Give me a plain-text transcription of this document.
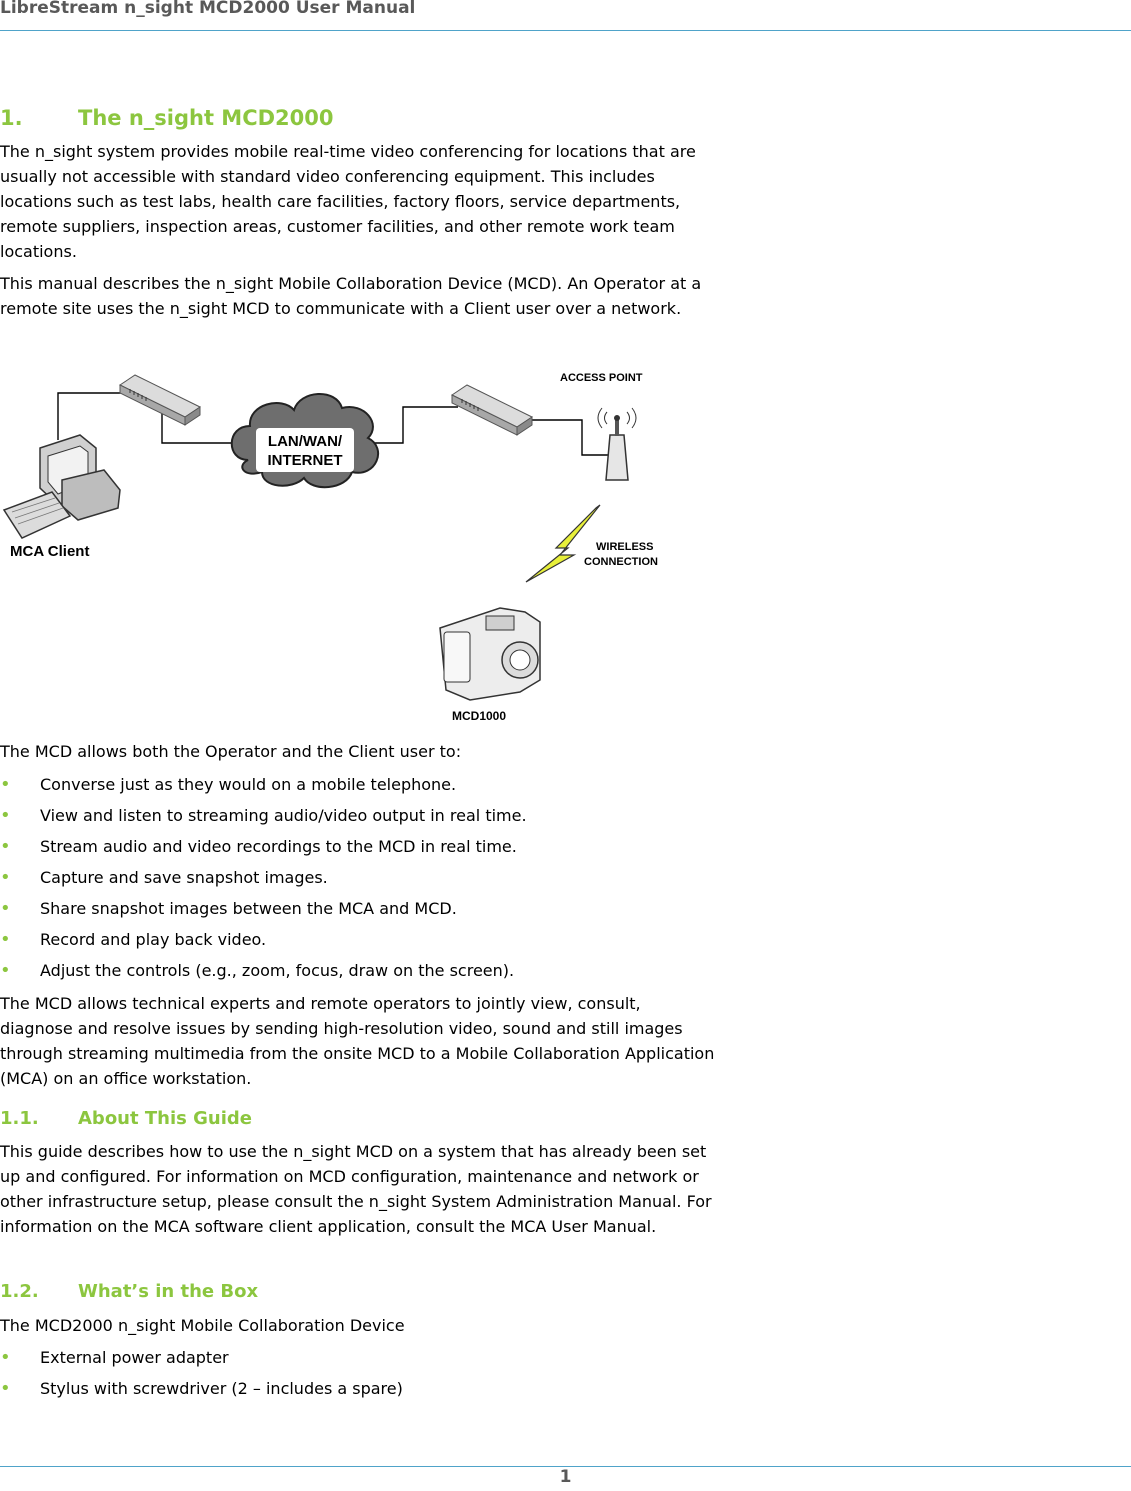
LibreStream n_sight MCD2000 User Manual
1.	The n_sight MCD2000

The n_sight system provides mobile real-time video conferencing for locations that are usually not accessible with standard video conferencing equipment. This includes locations such as test labs, health care facilities, factory floors, service departments, remote suppliers, inspection areas, customer facilities, and other remote work team locations.

This manual describes the n_sight Mobile Collaboration Device (MCD). An Operator at a remote site uses the n_sight MCD to communicate with a Client user over a network.

LAN/WAN/
INTERNET
ACCESS POINT
WIRELESS
CONNECTION
MCA Client
MCD1000

The MCD allows both the Operator and the Client user to:

• Converse just as they would on a mobile telephone.
• View and listen to streaming audio/video output in real time.
• Stream audio and video recordings to the MCD in real time.
• Capture and save snapshot images.
• Share snapshot images between the MCA and MCD.
• Record and play back video.
• Adjust the controls (e.g., zoom, focus, draw on the screen).

The MCD allows technical experts and remote operators to jointly view, consult, diagnose and resolve issues by sending high-resolution video, sound and still images through streaming multimedia from the onsite MCD to a Mobile Collaboration Application (MCA) on an office workstation.

1.1. About This Guide

This guide describes how to use the n_sight MCD on a system that has already been set up and configured. For information on MCD configuration, maintenance and network or other infrastructure setup, please consult the n_sight System Administration Manual. For information on the MCA software client application, consult the MCA User Manual.

1.2. What’s in the Box

The MCD2000 n_sight Mobile Collaboration Device

• External power adapter
• Stylus with screwdriver (2 – includes a spare)
1
